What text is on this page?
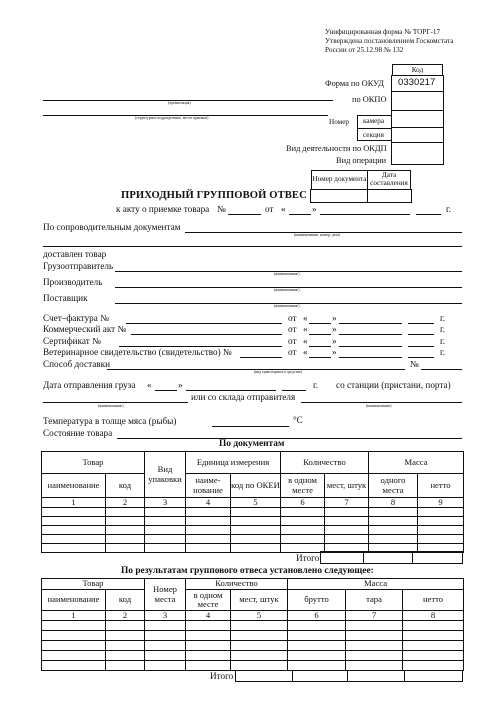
Унифицированная форма № ТОРГ-17
Утверждена постановлением Госкомстата
России от 25.12.98 № 132
Код
0330217
Форма по ОКУД
по ОКПО
Номер камера
секция
Вид деятельности по ОКДП
Вид операции
(организация)
(структурное подразделение, место приемки)
Номер документа	Дата составления
ПРИХОДНЫЙ ГРУППОВОЙ ОТВЕС
к акту о приемке товара №	от «	»	г.
По сопроводительным документам
(наименование, номер, дата)
доставлен товар
Грузоотправитель
(наименование)
Производитель
(наименование)
Поставщик
(наименование)
Счет–фактура №	от «	»	г.
Коммерческий акт №	от «	»	г.
Сертификат №	от «	»	г.
Ветеринарное свидетельство (свидетельство) №	от «	»	г.
Способ доставки
(вид транспортного средства)
№
Дата отправления груза «	»	г. со станции (пристани, порта)
(наименование)
или со склада отправителя
(наименование)
Температура в толще мяса (рыбы)	°С
Состояние товара
По документам
Товар		Вид упаковки	Единица измерения		Количество		Масса	
наименование	код		наиме-нование	код по ОКЕИ	в одном месте	мест, штук	одного места	нетто
1	2	3	4	5	6	7	8	9

Итого
По результатам группового отвеса установлено следующее:
Товар		Номер места	Количество		Масса		
наименование	код		в одном месте	мест, штук	брутто	тара	нетто
1	2	3	4	5	6	7	8

Итого
